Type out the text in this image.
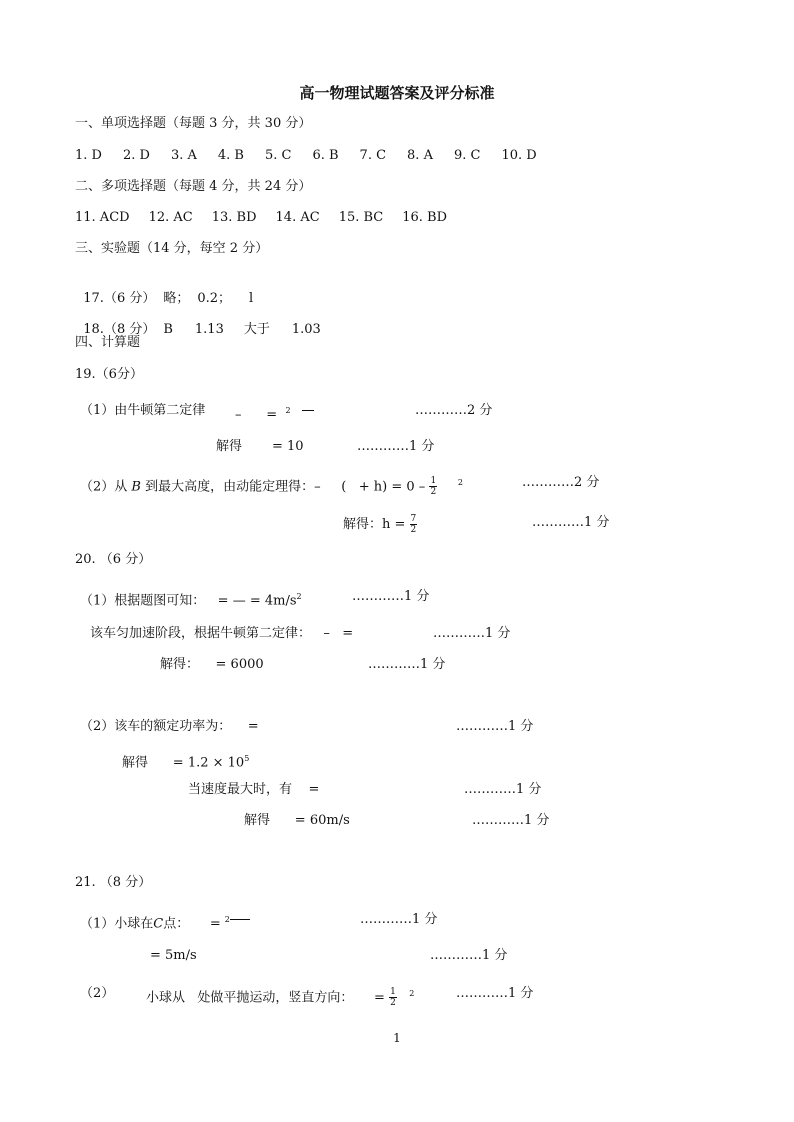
高一物理试题答案及评分标准
一、单项选择题（每题 3 分，共 30 分）
1. D 2. D 3. A 4. B 5. C 6. B 7. C 8. A 9. C 10. D
二、多项选择题（每题 4 分，共 24 分）
11. ACD 12. AC 13. BD 14. AC 15. BC 16. BD
三、实验题（14 分，每空 2 分）

17.（6 分） 略； 0.2； l

18.（8 分） B 1.13 大于 1.03

四、计算题
19.（6分）
（1）由牛顿第二定律 –      = $^2$	…………2 分
解得 = 10	…………1 分
（2）从 B 到最大高度，由动能定理得：–     (   + $h) = 0 - \frac{1}{2}$	$^2$	…………2 分
解得：$h = \frac{7}{2}$	…………1 分
20. （6 分）
（1）根据题图可知：   = — = $4m/s^2$	…………1 分
该车匀加速阶段，根据牛顿第二定律：   –   =	…………1 分
解得：    = 6000	…………1 分
（2）该车的额定功率为：    =	…………1 分
解得      = $1.2 \times 10^5$
当速度最大时，有    =	…………1 分
解得      = 60m/s	…………1 分
21. （8 分）
（1）小球在C点：     = $^2$	…………1 分
= 5m/s	…………1 分
（2） 小球从   处做平抛运动，竖直方向：     = $\frac{1}{2} ^2$	…………1 分
1
